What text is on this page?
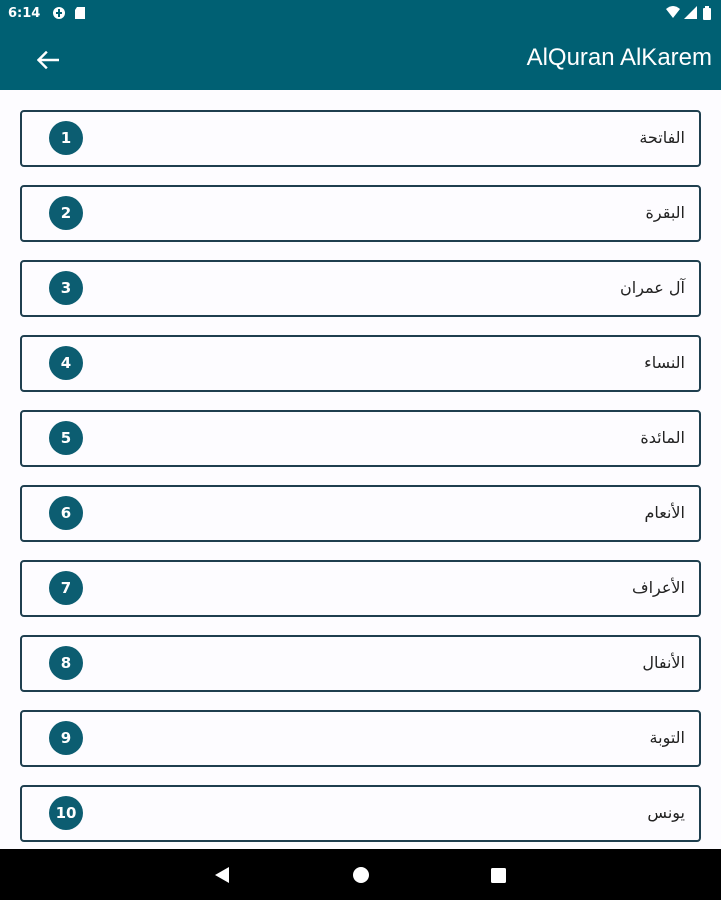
6:14
AlQuran AlKarem
1	الفاتحة
2	البقرة
3	آل عمران
4	النساء
5	المائدة
6	الأنعام
7	الأعراف
8	الأنفال
9	التوبة
10	يونس
